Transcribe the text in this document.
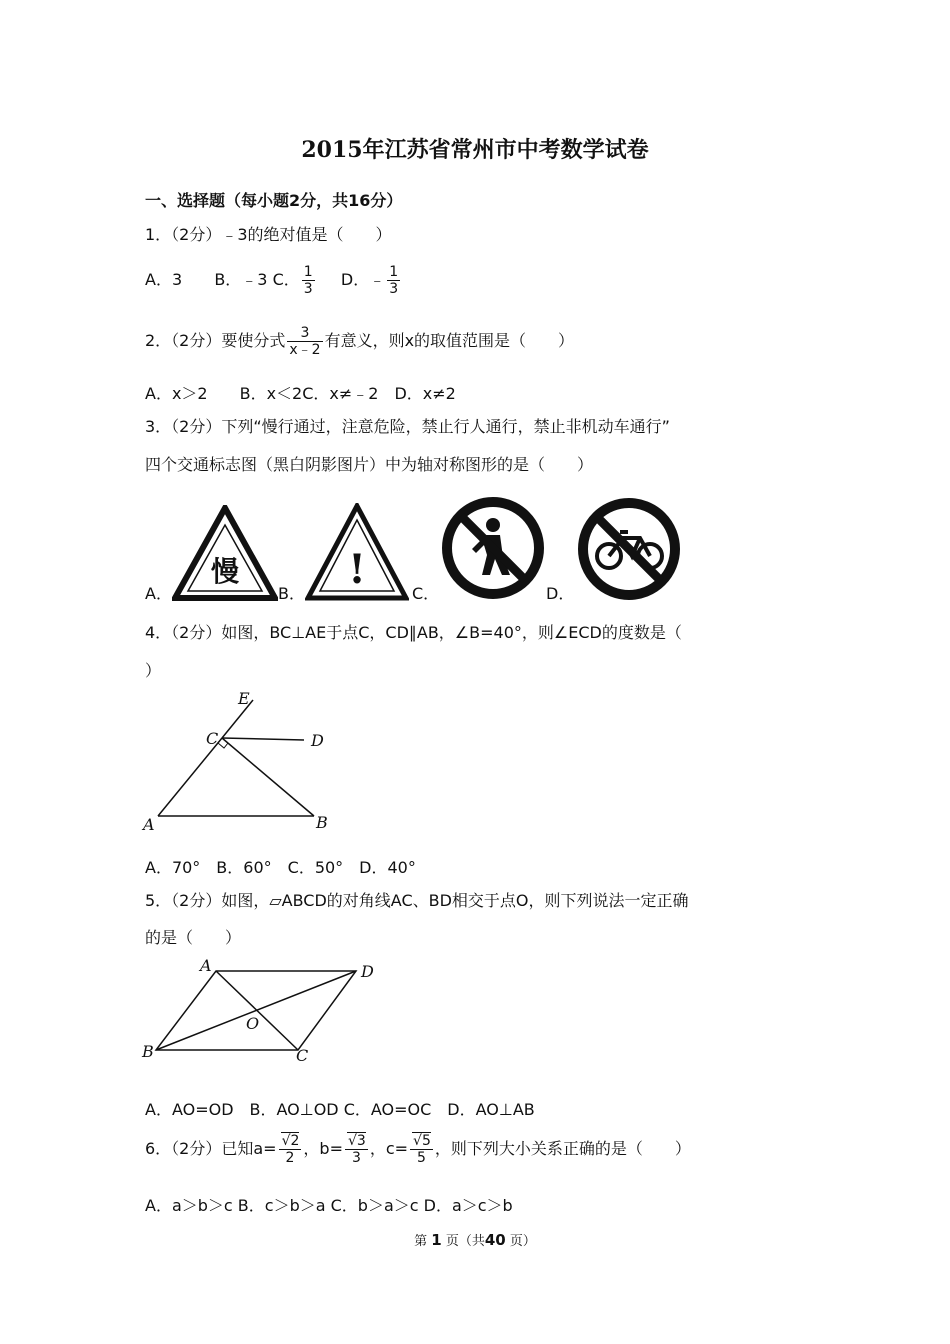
2015年江苏省常州市中考数学试卷
一、选择题（每小题2分，共16分）
1．（2分）﹣3的绝对值是（　　）
A．3 B．﹣3 C． $\frac{1}{3}$ D．﹣ $\frac{1}{3}$
2．（2分）要使分式 $\frac{3}{x﹣2}$ 有意义，则x的取值范围是（　　）
A．x＞2　　B．x＜2C．x≠﹣2　D．x≠2
3．（2分）下列“慢行通过，注意危险，禁止行人通行，禁止非机动车通行”
四个交通标志图（黑白阴影图片）中为轴对称图形的是（　　）
A．
慢
B．
!
C．	D．
4．（2分）如图，BC⊥AE于点C，CD∥AB，∠B=40°，则∠ECD的度数是（
）
E
C	D
A	B
A．70°　B．60°　C．50°　D．40°
5．（2分）如图，▱ABCD的对角线AC、BD相交于点O，则下列说法一定正确
的是（　　）
A	D
O
B	C
A．AO=OD　B．AO⊥OD C．AO=OC　D．AO⊥AB
6．（2分）已知$a= \frac{√2}{2}$ ，$b= \frac{√3}{3}$ ，$c= \frac{√5}{5}$ ，则下列大小关系正确的是（　　）
A．a＞b＞c B．c＞b＞a C．b＞a＞c D．a＞c＞b
第 1 页（共40 页）
